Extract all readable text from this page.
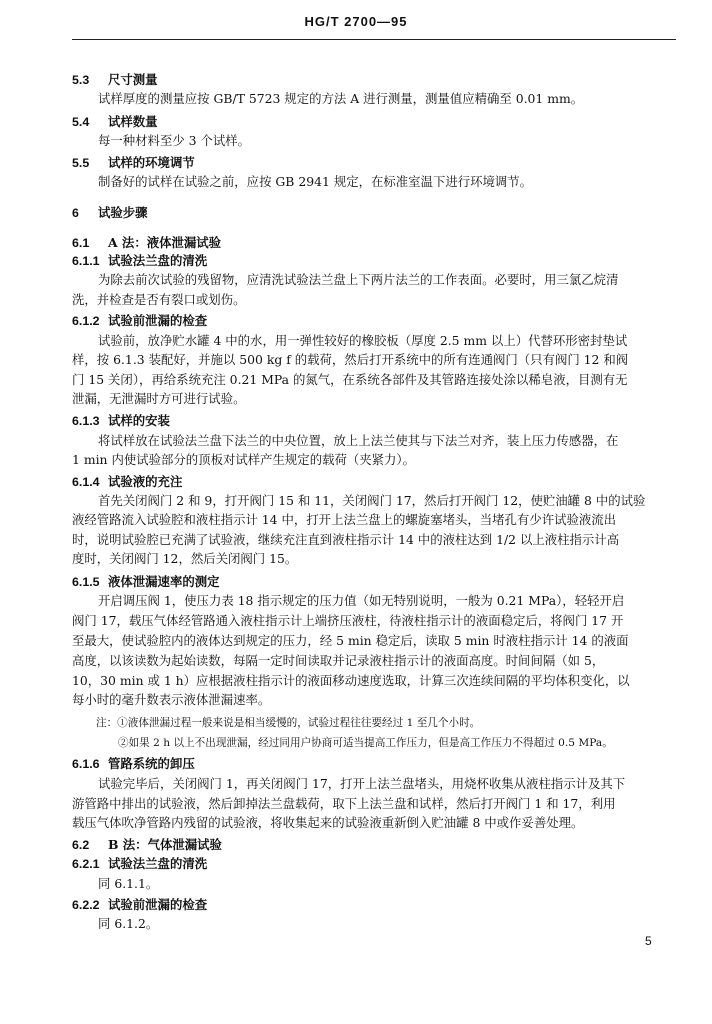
HG/T 2700—95
5.3 尺寸测量
试样厚度的测量应按 GB/T 5723 规定的方法 A 进行测量，测量值应精确至 0.01 mm。
5.4 试样数量
每一种材料至少 3 个试样。
5.5 试样的环境调节
制备好的试样在试验之前，应按 GB 2941 规定，在标准室温下进行环境调节。
6 试验步骤
6.1 A 法：液体泄漏试验
6.1.1 试验法兰盘的清洗
为除去前次试验的残留物，应清洗试验法兰盘上下两片法兰的工作表面。必要时，用三氯乙烷清
洗，并检查是否有裂口或划伤。
6.1.2 试验前泄漏的检查
试验前，放净贮水罐 4 中的水，用一弹性较好的橡胶板（厚度 2.5 mm 以上）代替环形密封垫试
样，按 6.1.3 装配好，并施以 500 kg f 的载荷，然后打开系统中的所有连通阀门（只有阀门 12 和阀
门 15 关闭），再给系统充注 0.21 MPa 的氮气，在系统各部件及其管路连接处涂以稀皂液，目测有无
泄漏，无泄漏时方可进行试验。
6.1.3 试样的安装
将试样放在试验法兰盘下法兰的中央位置，放上上法兰使其与下法兰对齐，装上压力传感器，在
1 min 内使试验部分的顶板对试样产生规定的载荷（夹紧力）。
6.1.4 试验液的充注
首先关闭阀门 2 和 9，打开阀门 15 和 11，关闭阀门 17，然后打开阀门 12，使贮油罐 8 中的试验
液经管路流入试验腔和液柱指示计 14 中，打开上法兰盘上的螺旋塞堵头，当堵孔有少许试验液流出
时，说明试验腔已充满了试验液，继续充注直到液柱指示计 14 中的液柱达到 1/2 以上液柱指示计高
度时，关闭阀门 12，然后关闭阀门 15。
6.1.5 液体泄漏速率的测定
开启调压阀 1，使压力表 18 指示规定的压力值（如无特别说明，一般为 0.21 MPa），轻轻开启
阀门 17，载压气体经管路通入液柱指示计上端挤压液柱，待液柱指示计的液面稳定后，将阀门 17 开
至最大，使试验腔内的液体达到规定的压力，经 5 min 稳定后，读取 5 min 时液柱指示计 14 的液面
高度，以该读数为起始读数，每隔一定时间读取并记录液柱指示计的液面高度。时间间隔（如 5，
10，30 min 或 1 h）应根据液柱指示计的液面移动速度选取，计算三次连续间隔的平均体积变化，以
每小时的毫升数表示液体泄漏速率。
注：①液体泄漏过程一般来说是相当缓慢的，试验过程往往要经过 1 至几个小时。
②如果 2 h 以上不出现泄漏，经过同用户协商可适当提高工作压力，但是高工作压力不得超过 0.5 MPa。
6.1.6 管路系统的卸压
试验完毕后，关闭阀门 1，再关闭阀门 17，打开上法兰盘堵头，用烧杯收集从液柱指示计及其下
游管路中排出的试验液，然后卸掉法兰盘载荷，取下上法兰盘和试样，然后打开阀门 1 和 17，利用
载压气体吹净管路内残留的试验液，将收集起来的试验液重新倒入贮油罐 8 中或作妥善处理。
6.2 B 法：气体泄漏试验
6.2.1 试验法兰盘的清洗
同 6.1.1。
6.2.2 试验前泄漏的检查
同 6.1.2。
5
